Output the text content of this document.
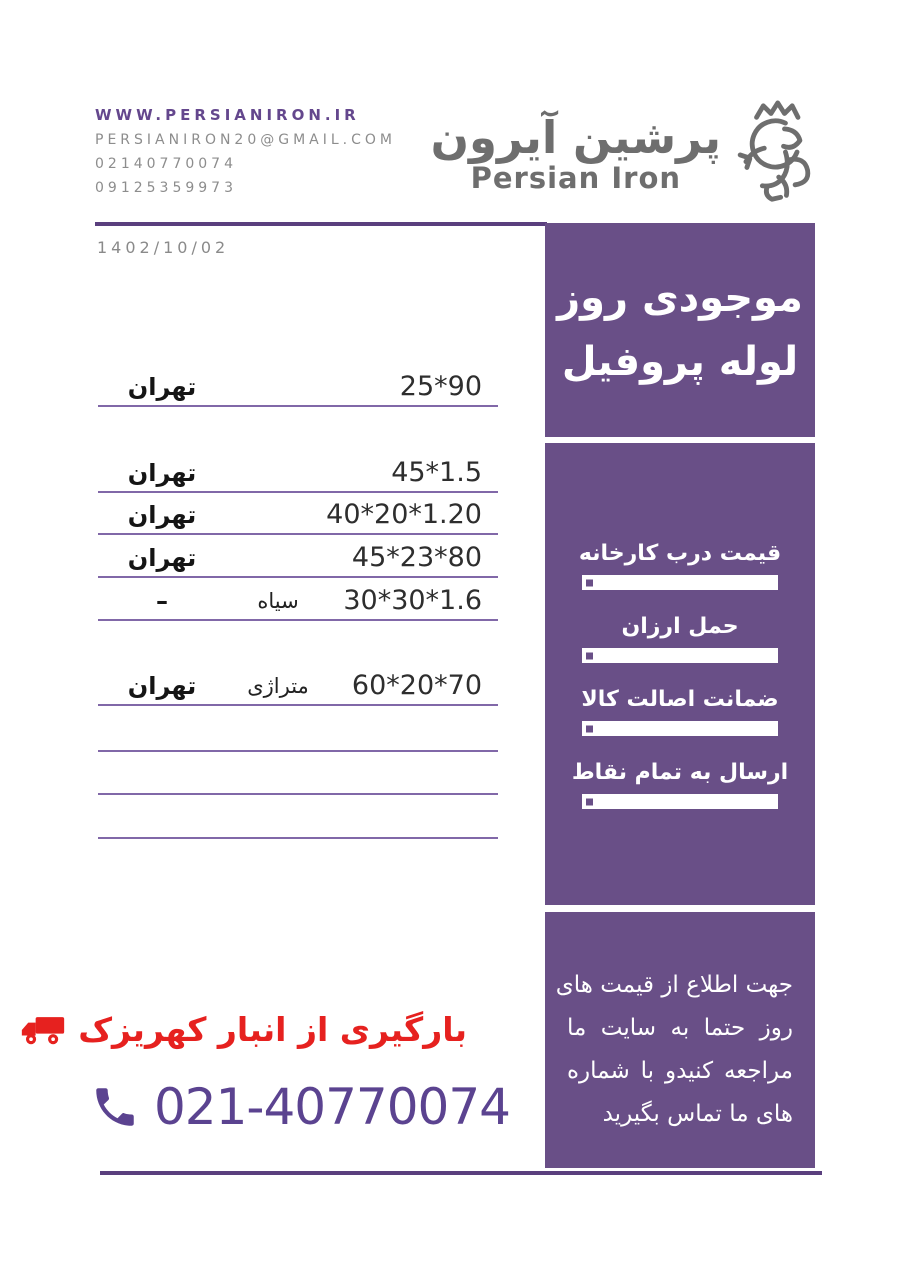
WWW.PERSIANIRON.IR
PERSIANIRON20@GMAIL.COM
02140770074
09125359973
پرشین آیرون
Persian Iron
1402/10/02
موجودی روز
لوله پروفیل
قیمت درب کارخانه
حمل ارزان
ضمانت اصالت کالا
ارسال به تمام نقاط
جهت اطلاع از قیمت های
روز حتما به سایت ما
مراجعه کنیدو با شماره
های ما تماس بگیرید
25*90
تهران
45*1.5
تهران
40*20*1.20
تهران
45*23*80
تهران
30*30*1.6
سیاه
–
60*20*70
متراژی
تهران
بارگیری از انبار کهریزک
021-40770074
